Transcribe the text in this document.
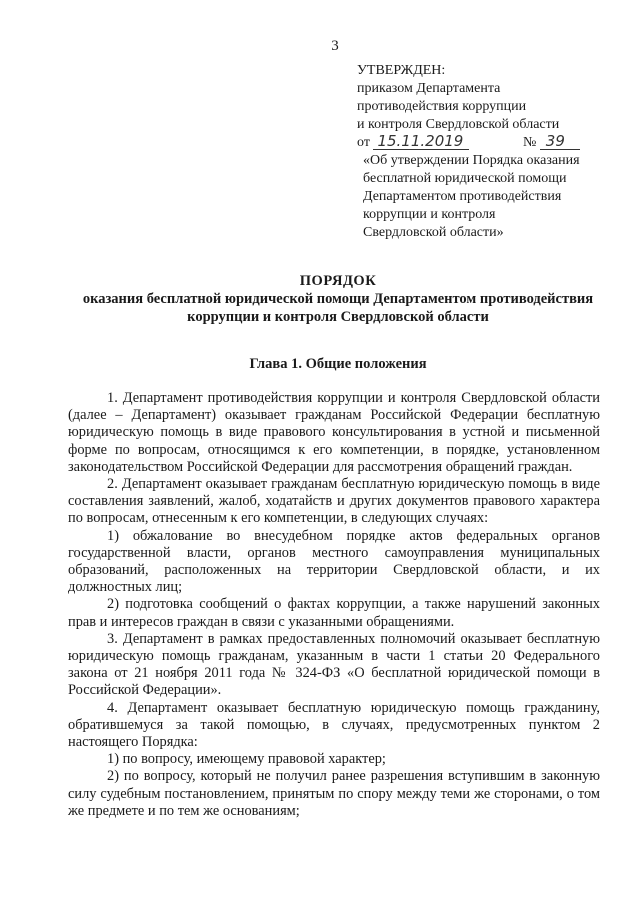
3
УТВЕРЖДЕН:
приказом Департамента
противодействия коррупции
и контроля Свердловской области
от 15.11.2019	№ 39
«Об утверждении Порядка оказания
бесплатной юридической помощи
Департаментом противодействия
коррупции и контроля
Свердловской области»
ПОРЯДОК
оказания бесплатной юридической помощи Департаментом противодействия
коррупции и контроля Свердловской области
Глава 1. Общие положения

1. Департамент противодействия коррупции и контроля Свердловской области (далее – Департамент) оказывает гражданам Российской Федерации бесплатную юридическую помощь в виде правового консультирования в устной и письменной форме по вопросам, относящимся к его компетенции, в порядке, установленном законодательством Российской Федерации для рассмотрения обращений граждан.

2. Департамент оказывает гражданам бесплатную юридическую помощь в виде составления заявлений, жалоб, ходатайств и других документов правового характера по вопросам, отнесенным к его компетенции, в следующих случаях:

1) обжалование во внесудебном порядке актов федеральных органов государственной власти, органов местного самоуправления муниципальных образований, расположенных на территории Свердловской области, и их должностных лиц;

2) подготовка сообщений о фактах коррупции, а также нарушений законных прав и интересов граждан в связи с указанными обращениями.

3. Департамент в рамках предоставленных полномочий оказывает бесплатную юридическую помощь гражданам, указанным в части 1 статьи 20 Федерального закона от 21 ноября 2011 года № 324-ФЗ «О бесплатной юридической помощи в Российской Федерации».

4. Департамент оказывает бесплатную юридическую помощь гражданину, обратившемуся за такой помощью, в случаях, предусмотренных пунктом 2 настоящего Порядка:

1) по вопросу, имеющему правовой характер;

2) по вопросу, который не получил ранее разрешения вступившим в законную силу судебным постановлением, принятым по спору между теми же сторонами, о том же предмете и по тем же основаниям;
